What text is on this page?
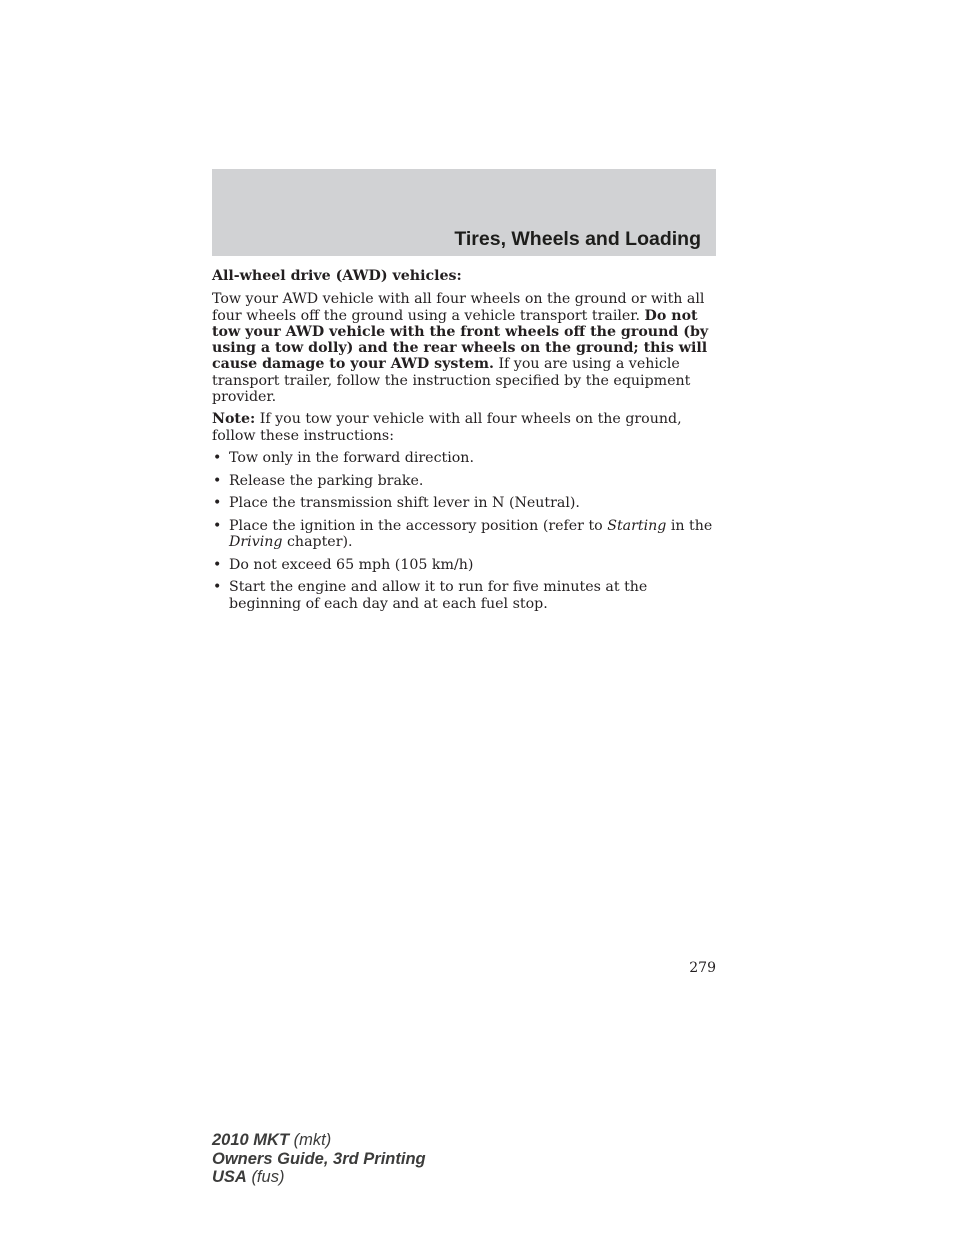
Tires, Wheels and Loading
All-wheel drive (AWD) vehicles:

Tow your AWD vehicle with all four wheels on the ground or with all four wheels off the ground using a vehicle transport trailer. Do not tow your AWD vehicle with the front wheels off the ground (by using a tow dolly) and the rear wheels on the ground; this will cause damage to your AWD system. If you are using a vehicle transport trailer, follow the instruction specified by the equipment provider.

Note: If you tow your vehicle with all four wheels on the ground, follow these instructions:

• Tow only in the forward direction.
• Release the parking brake.
• Place the transmission shift lever in N (Neutral).
• Place the ignition in the accessory position (refer to Starting in the Driving chapter).
• Do not exceed 65 mph (105 km/h)
• Start the engine and allow it to run for five minutes at the beginning of each day and at each fuel stop.
279
2010 MKT (mkt)
Owners Guide, 3rd Printing
USA (fus)
